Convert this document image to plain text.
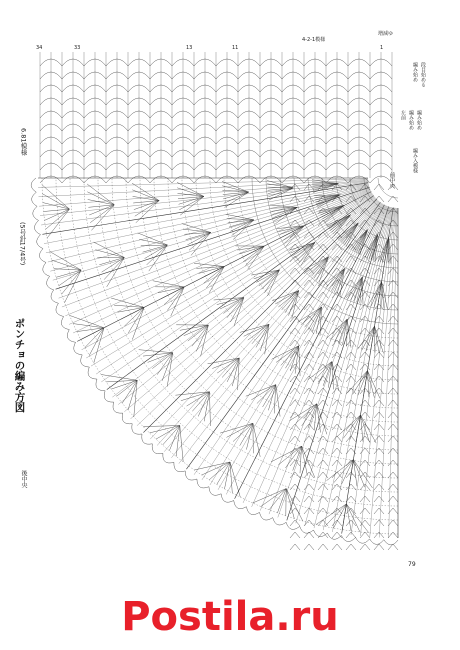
34	33	13	11	1
ポンチョの編み方図
(5号針17/4号)
6.81模様
後中央
前中央
4-2-1模様
増減ゆ
編み始め 段目始める
左前 編み始め 編み始め
編み入模様
79
Postila.ru
